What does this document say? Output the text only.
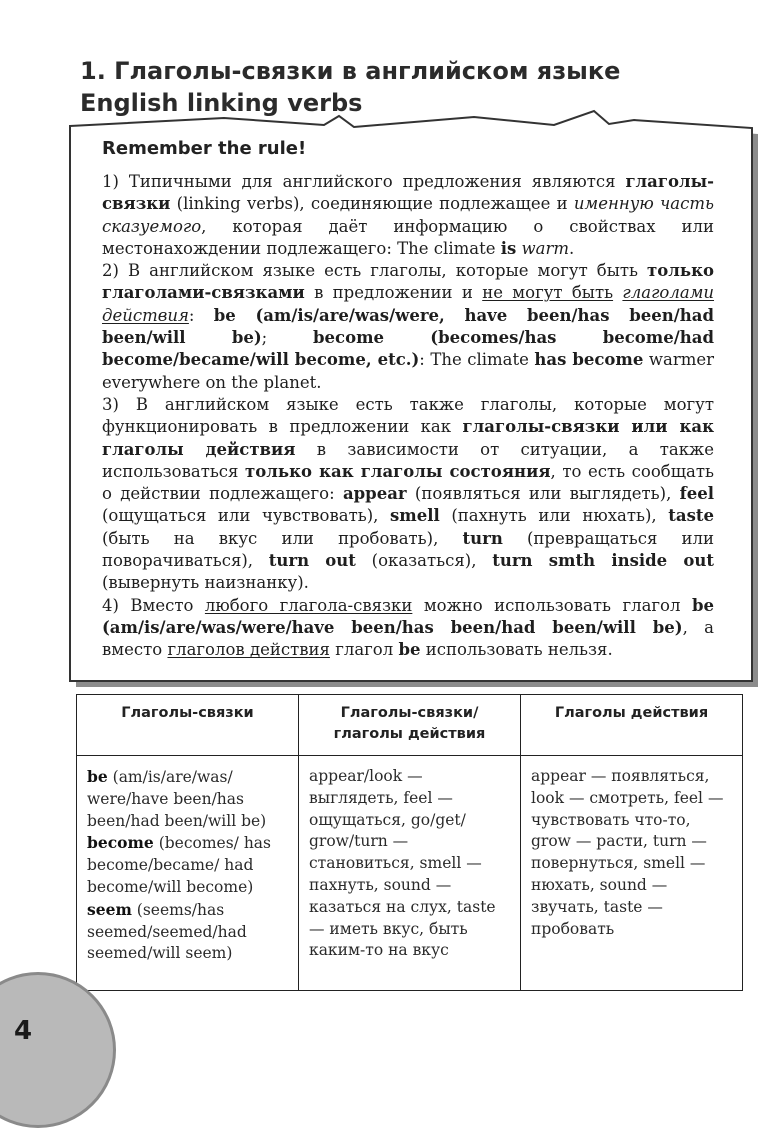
1. Глаголы-связки в английском языке
English linking verbs
Remember the rule!

1) Типичными для английского предложения являются глаголы-связки (linking verbs), соединяющие подлежащее и именную часть сказуемого, которая даёт информацию о свойствах или местонахождении подлежащего: The climate is warm.

2) В английском языке есть глаголы, которые могут быть только глаголами-связками в предложении и не могут быть глаголами действия: be (am/is/are/was/were, have been/has been/had been/will be);	become (becomes/has become/had become/became/will become, etc.): The climate has become warmer everywhere on the planet.

3) В английском языке есть также глаголы, которые могут функционировать в предложении как глаголы-связки или как глаголы действия в зависимости от ситуации, а также использоваться только как глаголы состояния, то есть сообщать о действии подлежащего: appear (появляться или выглядеть), feel (ощущаться или чувствовать), smell (пахнуть или нюхать), taste (быть на вкус или пробовать), turn (превращаться или поворачиваться), turn out (оказаться), turn smth inside out (вывернуть наизнанку).

4) Вместо любого глагола-связки можно использовать глагол be (am/is/are/was/were/have been/has been/had been/will be), а вместо глаголов действия глагол be использовать нельзя.

Глаголы-связки	Глаголы-связки/ глаголы действия	Глаголы действия
be (am/is/are/was/ were/have been/has been/had been/will be) become (becomes/ has become/became/ had become/will become) seem (seems/has seemed/seemed/had seemed/will seem)	appear/look — выглядеть, feel — ощущаться, go/get/ grow/turn — становиться, smell — пахнуть, sound — казаться на слух, taste — иметь вкус, быть каким-то на вкус	appear — появляться, look — смотреть, feel — чувствовать что-то, grow — расти, turn — повернуться, smell — нюхать, sound — звучать, taste — пробовать
4
